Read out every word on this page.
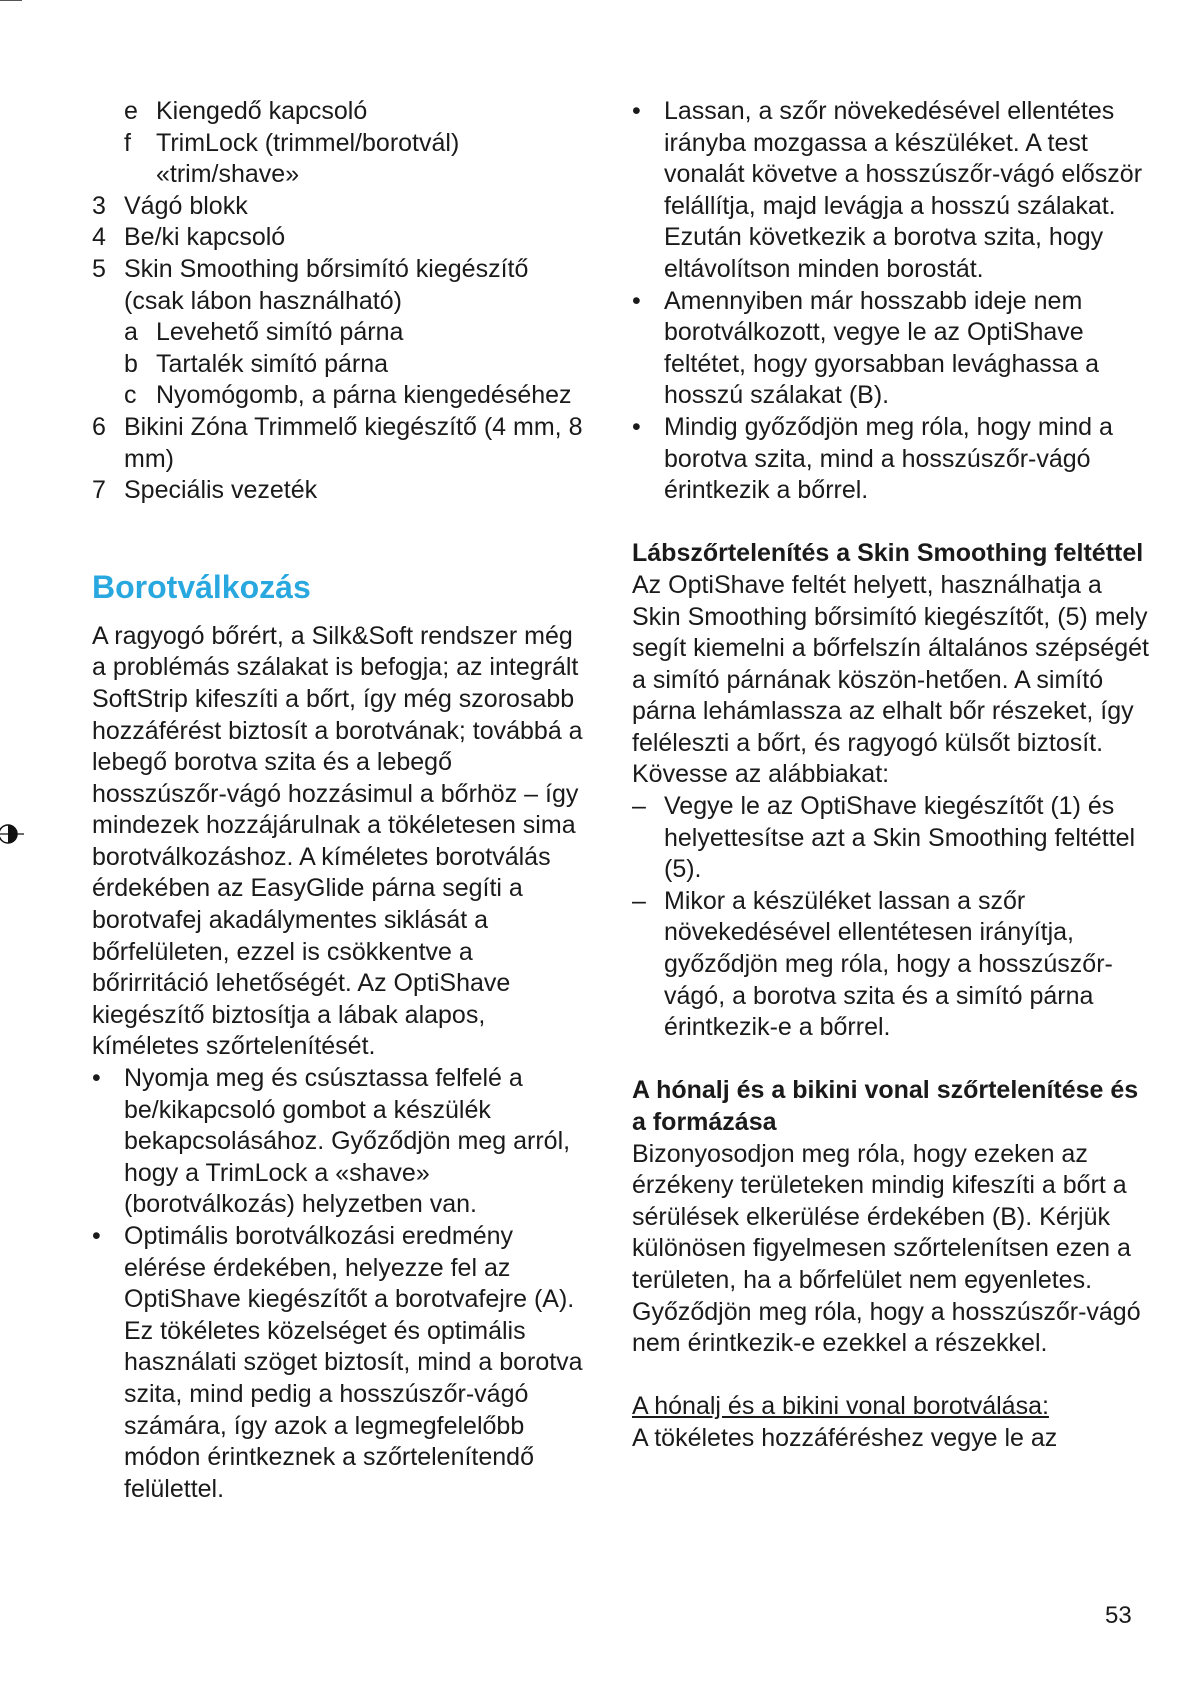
e Kiengedő kapcsoló
f	TrimLock (trimmel/borotvál) «trim/shave»
3 Vágó blokk
4 Be/ki kapcsoló
5 Skin Smoothing bőrsimító kiegészítő (csak lábon használható)
a Levehető simító párna
b Tartalék simító párna
c Nyomógomb, a párna kiengedéséhez
6 Bikini Zóna Trimmelő kiegészítő (4 mm, 8 mm)
7 Speciális vezeték
Borotválkozás
A ragyogó bőrért, a Silk&Soft rendszer még a problémás szálakat is befogja; az integrált SoftStrip kifeszíti a bőrt, így még szorosabb hozzáférést biztosít a borotvának; továbbá a lebegő borotva szita és a lebegő hosszúszőr-vágó hozzásimul a bőrhöz – így mindezek hozzájárulnak a tökéletesen sima borotválkozáshoz. A kíméletes borotválás érdekében az EasyGlide párna segíti a borotvafej akadálymentes siklását a bőrfelületen, ezzel is csökkentve a bőrirritáció lehetőségét. Az OptiShave kiegészítő biztosítja a lábak alapos, kíméletes szőrtelenítését.
• Nyomja meg és csúsztassa felfelé a be/kikapcsoló gombot a készülék bekapcsolásához. Győződjön meg arról, hogy a TrimLock a «shave» (borotválkozás) helyzetben van.
• Optimális borotválkozási eredmény elérése érdekében, helyezze fel az OptiShave kiegészítőt a borotvafejre (A). Ez tökéletes közelséget és optimális használati szöget biztosít, mind a borotva szita, mind pedig a hosszúszőr-vágó számára, így azok a legmegfelelőbb módon érintkeznek a szőrtelenítendő felülettel.
• Lassan, a szőr növekedésével ellentétes irányba mozgassa a készüléket. A test vonalát követve a hosszúszőr-vágó először felállítja, majd levágja a hosszú szálakat. Ezután következik a borotva szita, hogy eltávolítson minden borostát.
• Amennyiben már hosszabb ideje nem borotválkozott, vegye le az OptiShave feltétet, hogy gyorsabban levághassa a hosszú szálakat (B).
• Mindig győződjön meg róla, hogy mind a borotva szita, mind a hosszúszőr-vágó érintkezik a bőrrel.
Lábszőrtelenítés a Skin Smoothing feltéttel
Az OptiShave feltét helyett, használhatja a Skin Smoothing bőrsimító kiegészítőt, (5) mely segít kiemelni a bőrfelszín általános szépségét a simító párnának köszön-hetően. A simító párna lehámlassza az elhalt bőr részeket, így feléleszti a bőrt, és ragyogó külsőt biztosít.
Kövesse az alábbiakat:
– Vegye le az OptiShave kiegészítőt (1) és helyettesítse azt a Skin Smoothing feltéttel (5).
– Mikor a készüléket lassan a szőr növekedésével ellentétesen irányítja, győződjön meg róla, hogy a hosszúszőr-vágó, a borotva szita és a simító párna érintkezik-e a bőrrel.
A hónalj és a bikini vonal szőrtelenítése és a formázása
Bizonyosodjon meg róla, hogy ezeken az érzékeny területeken mindig kifeszíti a bőrt a sérülések elkerülése érdekében (B). Kérjük különösen figyelmesen szőrtelenítsen ezen a területen, ha a bőrfelület nem egyenletes. Győződjön meg róla, hogy a hosszúszőr-vágó nem érintkezik-e ezekkel a részekkel.
A hónalj és a bikini vonal borotválása:
A tökéletes hozzáféréshez vegye le az
53
